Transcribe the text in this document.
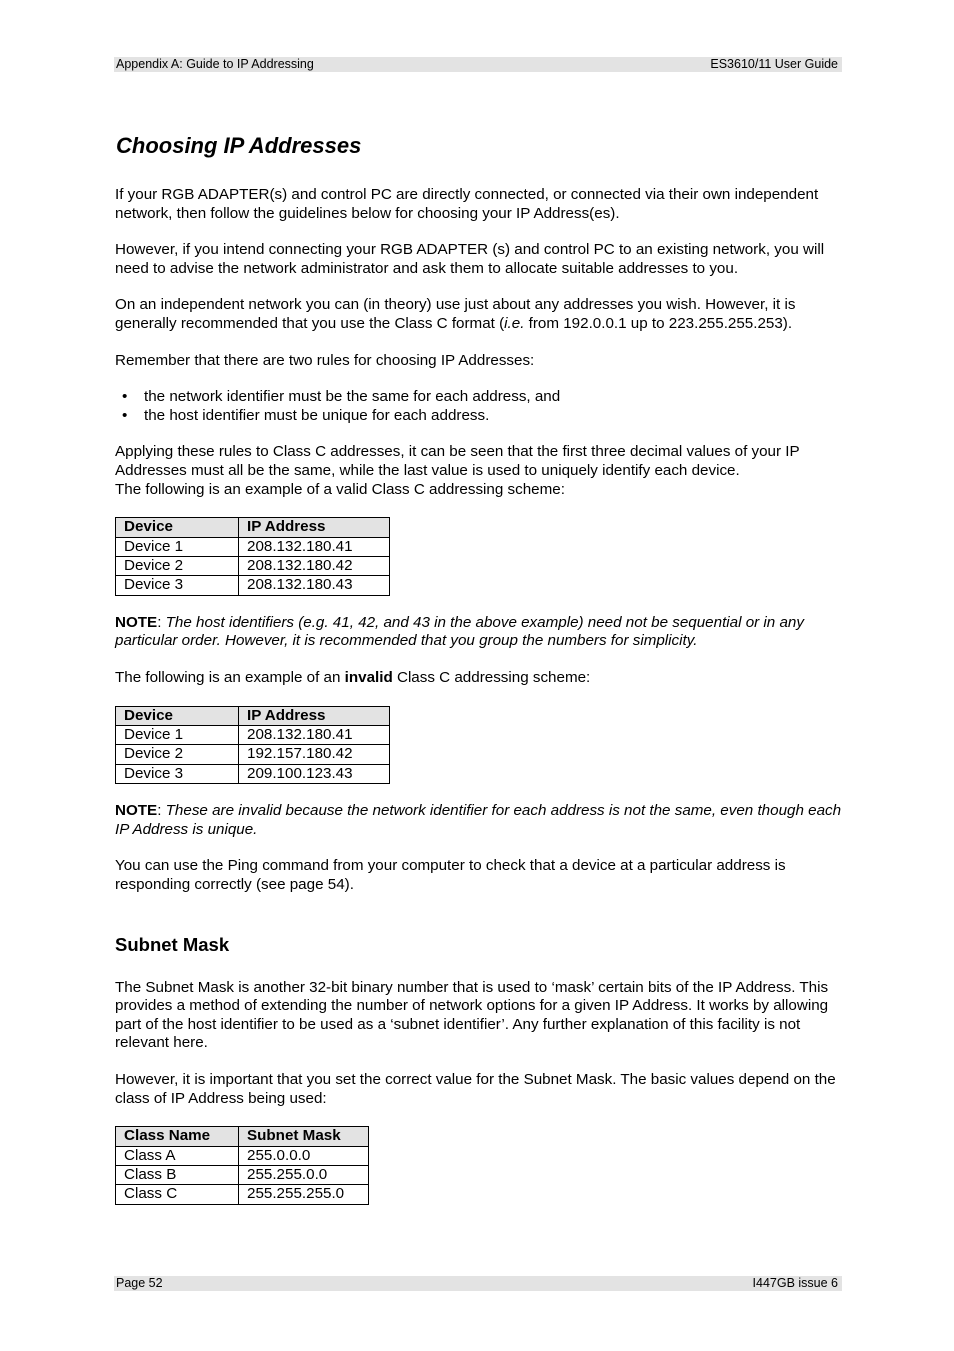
Appendix A: Guide to IP Addressing	ES3610/11 User Guide
Choosing IP Addresses

If your RGB ADAPTER(s) and control PC are directly connected, or connected via their own independent network, then follow the guidelines below for choosing your IP Address(es).

However, if you intend connecting your RGB ADAPTER (s) and control PC to an existing network, you will need to advise the network administrator and ask them to allocate suitable addresses to you.

On an independent network you can (in theory) use just about any addresses you wish. However, it is generally recommended that you use the Class C format (i.e. from 192.0.0.1 up to 223.255.255.253).

Remember that there are two rules for choosing IP Addresses:

• the network identifier must be the same for each address, and
• the host identifier must be unique for each address.

Applying these rules to Class C addresses, it can be seen that the first three decimal values of your IP Addresses must all be the same, while the last value is used to uniquely identify each device.

The following is an example of a valid Class C addressing scheme:

Device	IP Address
Device 1	208.132.180.41
Device 2	208.132.180.42
Device 3	208.132.180.43

NOTE: The host identifiers (e.g. 41, 42, and 43 in the above example) need not be sequential or in any particular order. However, it is recommended that you group the numbers for simplicity.

The following is an example of an invalid Class C addressing scheme:

Device	IP Address
Device 1	208.132.180.41
Device 2	192.157.180.42
Device 3	209.100.123.43

NOTE: These are invalid because the network identifier for each address is not the same, even though each IP Address is unique.

You can use the Ping command from your computer to check that a device at a particular address is responding correctly (see page 54).

Subnet Mask

The Subnet Mask is another 32-bit binary number that is used to ‘mask’ certain bits of the IP Address. This provides a method of extending the number of network options for a given IP Address. It works by allowing part of the host identifier to be used as a ‘subnet identifier’. Any further explanation of this facility is not relevant here.

However, it is important that you set the correct value for the Subnet Mask. The basic values depend on the class of IP Address being used:

Class Name	Subnet Mask
Class A	255.0.0.0
Class B	255.255.0.0
Class C	255.255.255.0
Page 52	I447GB issue 6
